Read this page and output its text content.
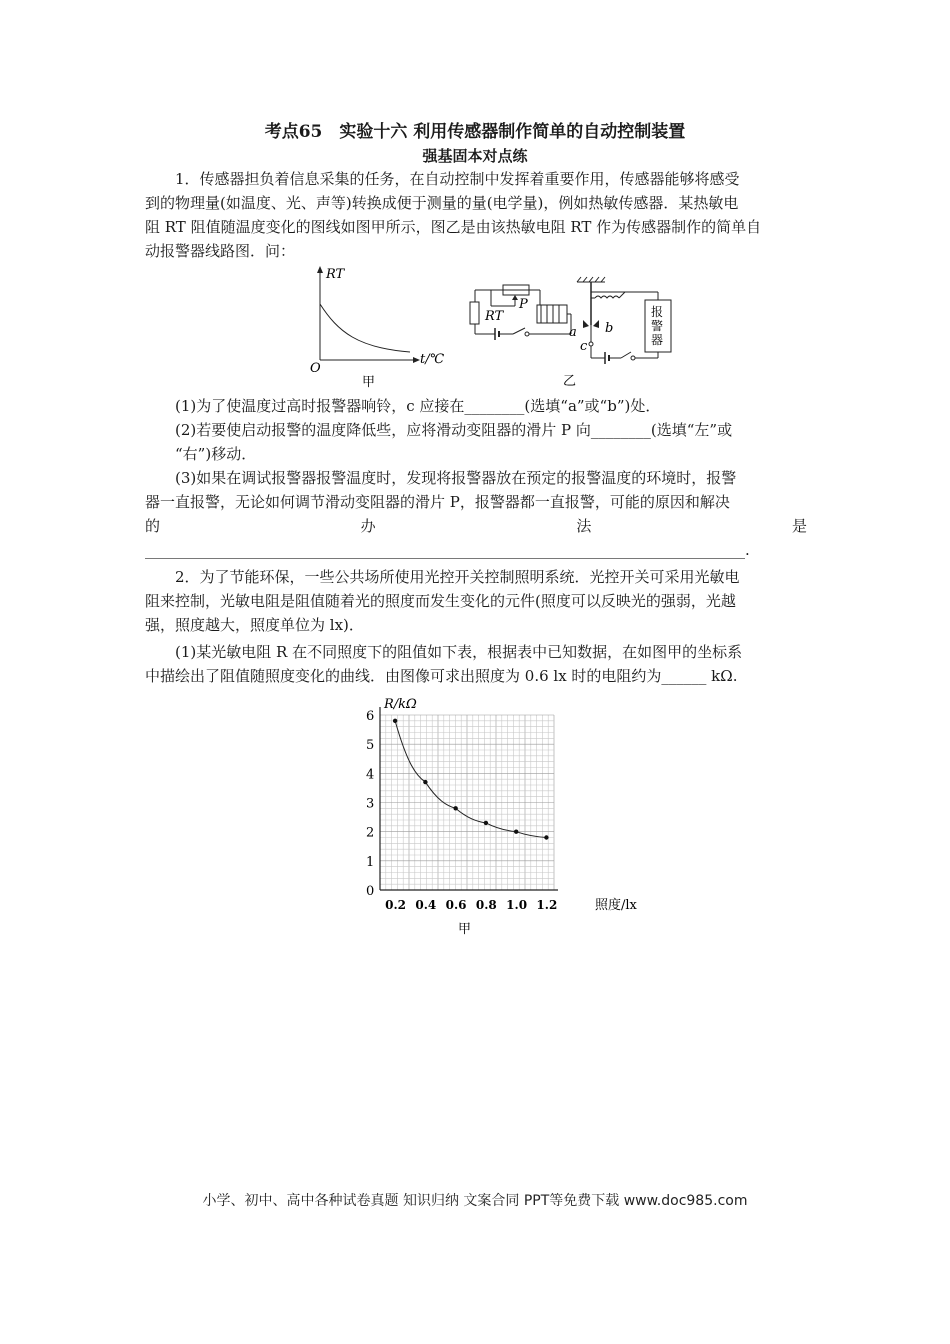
考点65　实验十六 利用传感器制作简单的自动控制装置
强基固本对点练

1．传感器担负着信息采集的任务，在自动控制中发挥着重要作用，传感器能够将感受

到的物理量(如温度、光、声等)转换成便于测量的量(电学量)，例如热敏传感器．某热敏电
阻 RT 阻值随温度变化的图线如图甲所示，图乙是由该热敏电阻 RT 作为传感器制作的简单自
动报警器线路图．问：
RT
t/℃
O
甲
报
警
器
RT
P
a b
c
乙

(1)为了使温度过高时报警器响铃，c 应接在________(选填“a”或“b”)处．

(2)若要使启动报警的温度降低些，应将滑动变阻器的滑片 P 向________(选填“左”或

“右”)移动．

(3)如果在调试报警器报警温度时，发现将报警器放在预定的报警温度的环境时，报警

器一直报警，无论如何调节滑动变阻器的滑片 P，报警器都一直报警，可能的原因和解决
的	办	法	是
________________________________________________________________________________.

2．为了节能环保，一些公共场所使用光控开关控制照明系统．光控开关可采用光敏电

阻来控制，光敏电阻是阻值随着光的照度而发生变化的元件(照度可以反映光的强弱，光越
强，照度越大，照度单位为 lx)．

(1)某光敏电阻 R 在不同照度下的阻值如下表，根据表中已知数据，在如图甲的坐标系

中描绘出了阻值随照度变化的曲线．由图像可求出照度为 0.6 lx 时的电阻约为______ kΩ.
0
1
2
3
4
5
6
0.2 0.4 0.6 0.8 1.0 1.2
R/kΩ
照度/lx
甲
小学、初中、高中各种试卷真题 知识归纳 文案合同 PPT等免费下载 www.doc985.com
